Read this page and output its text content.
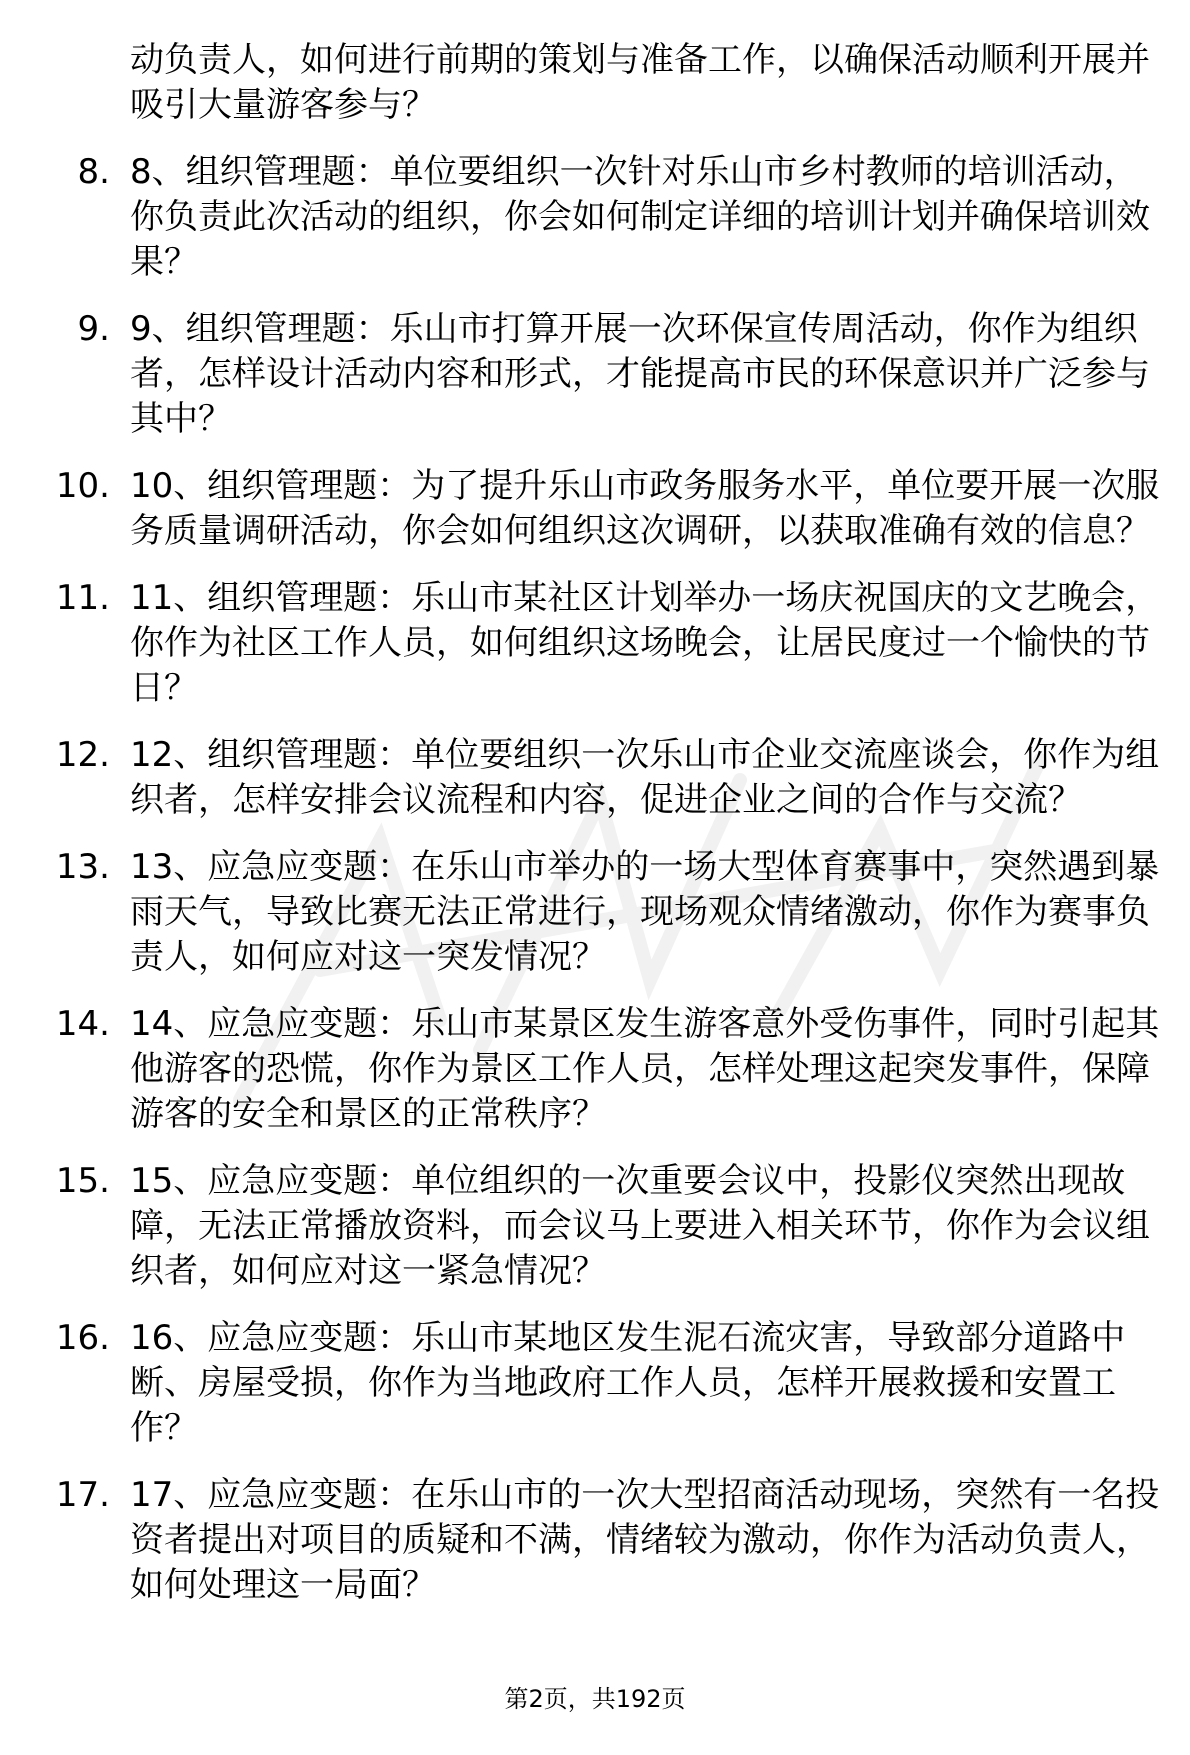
动负责人，如何进行前期的策划与准备工作，以确保活动顺利开展并吸引大量游客参与？
8. 8、组织管理题：单位要组织一次针对乐山市乡村教师的培训活动，你负责此次活动的组织，你会如何制定详细的培训计划并确保培训效果？
9. 9、组织管理题：乐山市打算开展一次环保宣传周活动，你作为组织者，怎样设计活动内容和形式，才能提高市民的环保意识并广泛参与其中？
10. 10、组织管理题：为了提升乐山市政务服务水平，单位要开展一次服务质量调研活动，你会如何组织这次调研，以获取准确有效的信息？
11. 11、组织管理题：乐山市某社区计划举办一场庆祝国庆的文艺晚会，你作为社区工作人员，如何组织这场晚会，让居民度过一个愉快的节日？
12. 12、组织管理题：单位要组织一次乐山市企业交流座谈会，你作为组织者，怎样安排会议流程和内容，促进企业之间的合作与交流？
13. 13、应急应变题：在乐山市举办的一场大型体育赛事中，突然遇到暴雨天气，导致比赛无法正常进行，现场观众情绪激动，你作为赛事负责人，如何应对这一突发情况？
14. 14、应急应变题：乐山市某景区发生游客意外受伤事件，同时引起其他游客的恐慌，你作为景区工作人员，怎样处理这起突发事件，保障游客的安全和景区的正常秩序？
15. 15、应急应变题：单位组织的一次重要会议中，投影仪突然出现故障，无法正常播放资料，而会议马上要进入相关环节，你作为会议组织者，如何应对这一紧急情况？
16. 16、应急应变题：乐山市某地区发生泥石流灾害，导致部分道路中断、房屋受损，你作为当地政府工作人员，怎样开展救援和安置工作？
17. 17、应急应变题：在乐山市的一次大型招商活动现场，突然有一名投资者提出对项目的质疑和不满，情绪较为激动，你作为活动负责人，如何处理这一局面？
第2页，共192页
